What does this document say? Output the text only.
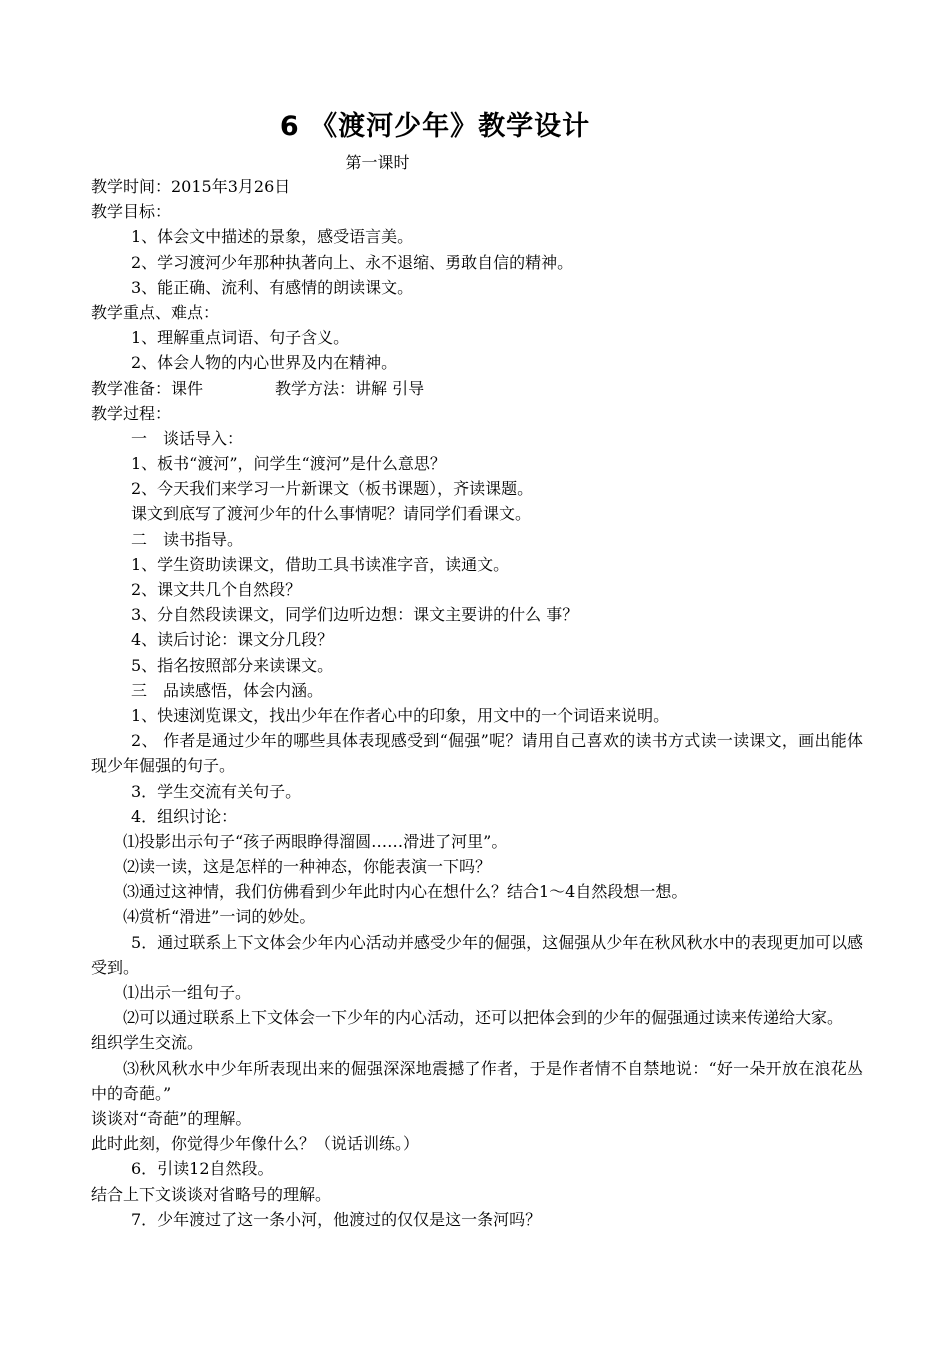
6 《渡河少年》教学设计
第一课时
教学时间：2015年3月26日
教学目标：
1、体会文中描述的景象，感受语言美。
2、学习渡河少年那种执著向上、永不退缩、勇敢自信的精神。
3、能正确、流利、有感情的朗读课文。
教学重点、难点：
1、理解重点词语、句子含义。
2、体会人物的内心世界及内在精神。
教学准备：课件	教学方法：讲解 引导
教学过程：
一　谈话导入：
1、板书“渡河”，问学生“渡河”是什么意思？
2、今天我们来学习一片新课文（板书课题），齐读课题。
课文到底写了渡河少年的什么事情呢？请同学们看课文。
二　读书指导。
1、学生资助读课文，借助工具书读准字音，读通文。
2、课文共几个自然段？
3、分自然段读课文，同学们边听边想：课文主要讲的什么 事？
4、读后讨论：课文分几段？
5、指名按照部分来读课文。
三　品读感悟，体会内涵。
1、快速浏览课文，找出少年在作者心中的印象，用文中的一个词语来说明。
2、 作者是通过少年的哪些具体表现感受到“倔强”呢？请用自己喜欢的读书方式读一读课文，画出能体现少年倔强的句子。
3．学生交流有关句子。
4．组织讨论：
⑴投影出示句子“孩子两眼睁得溜圆……滑进了河里”。
⑵读一读，这是怎样的一种神态，你能表演一下吗？
⑶通过这神情，我们仿佛看到少年此时内心在想什么？结合1～4自然段想一想。
⑷赏析“滑进”一词的妙处。
5．通过联系上下文体会少年内心活动并感受少年的倔强，这倔强从少年在秋风秋水中的表现更加可以感受到。
⑴出示一组句子。
⑵可以通过联系上下文体会一下少年的内心活动，还可以把体会到的少年的倔强通过读来传递给大家。
组织学生交流。
⑶秋风秋水中少年所表现出来的倔强深深地震撼了作者，于是作者情不自禁地说：“好一朵开放在浪花丛中的奇葩。”
谈谈对“奇葩”的理解。
此时此刻，你觉得少年像什么？（说话训练。）
6．引读12自然段。
结合上下文谈谈对省略号的理解。
7．少年渡过了这一条小河，他渡过的仅仅是这一条河吗？
